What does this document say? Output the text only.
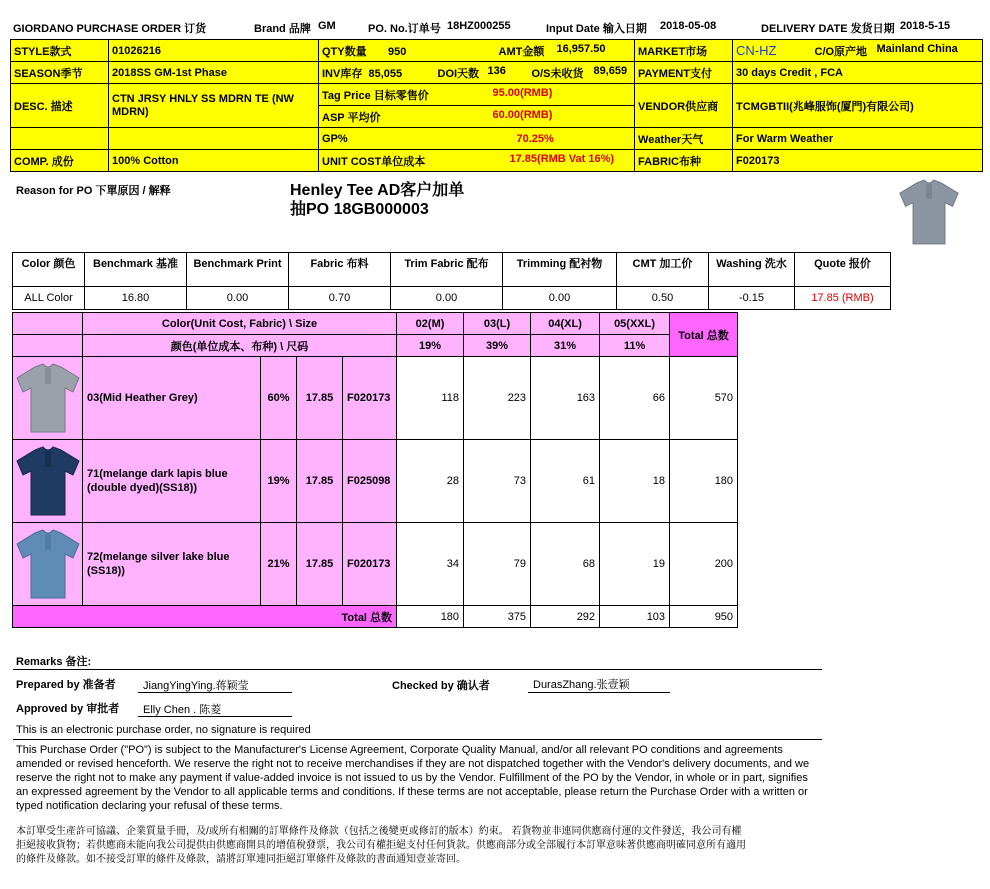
GIORDANO PURCHASE ORDER 订货	Brand 品牌 GM	PO. No.订单号 18HZ000255	Input Date 输入日期 2018-05-08	DELIVERY DATE 发货日期 2018-5-15
STYLE款式	01026216	QTY数量 950 AMT金额 16,957.50	MARKET市场	CN-HZ C/O原产地 Mainland China

SEASON季节	2018SS GM-1st Phase	INV库存 85,055 DOI天数 136 O/S未收货 89,659	PAYMENT支付	30 days Credit , FCA
DESC. 描述	CTN JRSY HNLY SS MDRN TE (NW MDRN)	Tag Price 目标零售价 95.00(RMB)	VENDOR供应商	TCMGBTII(兆峰服饰(厦門)有限公司)
		ASP 平均价 60.00(RMB)		

		GP% 70.25%	Weather天气	For Warm Weather
COMP. 成份	100% Cotton	UNIT COST单位成本 17.85(RMB Vat 16%)	FABRIC布种	F020173
Reason for PO 下單原因 / 解释	Henley Tee AD客户加单
抽PO 18GB000003
Color 颜色	Benchmark 基准	Benchmark Print	Fabric 布料	Trim Fabric 配布	Trimming 配衬物	CMT 加工价	Washing 洗水	Quote 报价
ALL Color	16.80	0.00	0.70	0.00	0.00	0.50	-0.15	17.85 (RMB)
	Color(Unit Cost, Fabric) \ Size				02(M)	03(L)	04(XL)	05(XXL)	Total 总数
	颜色(单位成本、布种) \ 尺码				19%	39%	31%	11%	

	03(Mid Heather Grey)	60%	17.85	F020173	118	223	163	66	570

	71(melange dark lapis blue (double dyed)(SS18))	19%	17.85	F025098	28	73	61	18	180

	72(melange silver lake blue (SS18))	21%	17.85	F020173	34	79	68	19	200
Total 总数					180	375	292	103	950
Remarks 备注:
Prepared by 准备者 JiangYingYing.蒋颖莹	Checked by 确认者	DurasZhang.张壹颖
Approved by 审批者 Elly Chen . 陈菱
This is an electronic purchase order, no signature is required
This Purchase Order ("PO") is subject to the Manufacturer's License Agreement, Corporate Quality Manual, and/or all relevant PO conditions and agreements
amended or revised henceforth. We reserve the right not to receive merchandises if they are not dispatched together with the Vendor's delivery documents, and we
reserve the right not to make any payment if value-added invoice is not issued to us by the Vendor. Fulfillment of the PO by the Vendor, in whole or in part, signifies
an expressed agreement by the Vendor to all applicable terms and conditions. If these terms are not acceptable, please return the Purchase Order with a written or
typed notification declaring your refusal of these terms.
本訂單受生產許可協議、企業質量手冊，及/或所有相關的訂單條件及條款（包括之後變更或修訂的版本）約束。 若貨物並非連同供應商付運的文件發送，我公司有權
拒絕接收貨物；若供應商未能向我公司提供由供應商開具的增值稅發票，我公司有權拒絕支付任何貨款。供應商部分或全部履行本訂單意味著供應商明確同意所有適用
的條件及條款。如不接受訂單的條件及條款，請將訂單連同拒絕訂單條件及條款的書面通知壹並寄回。
